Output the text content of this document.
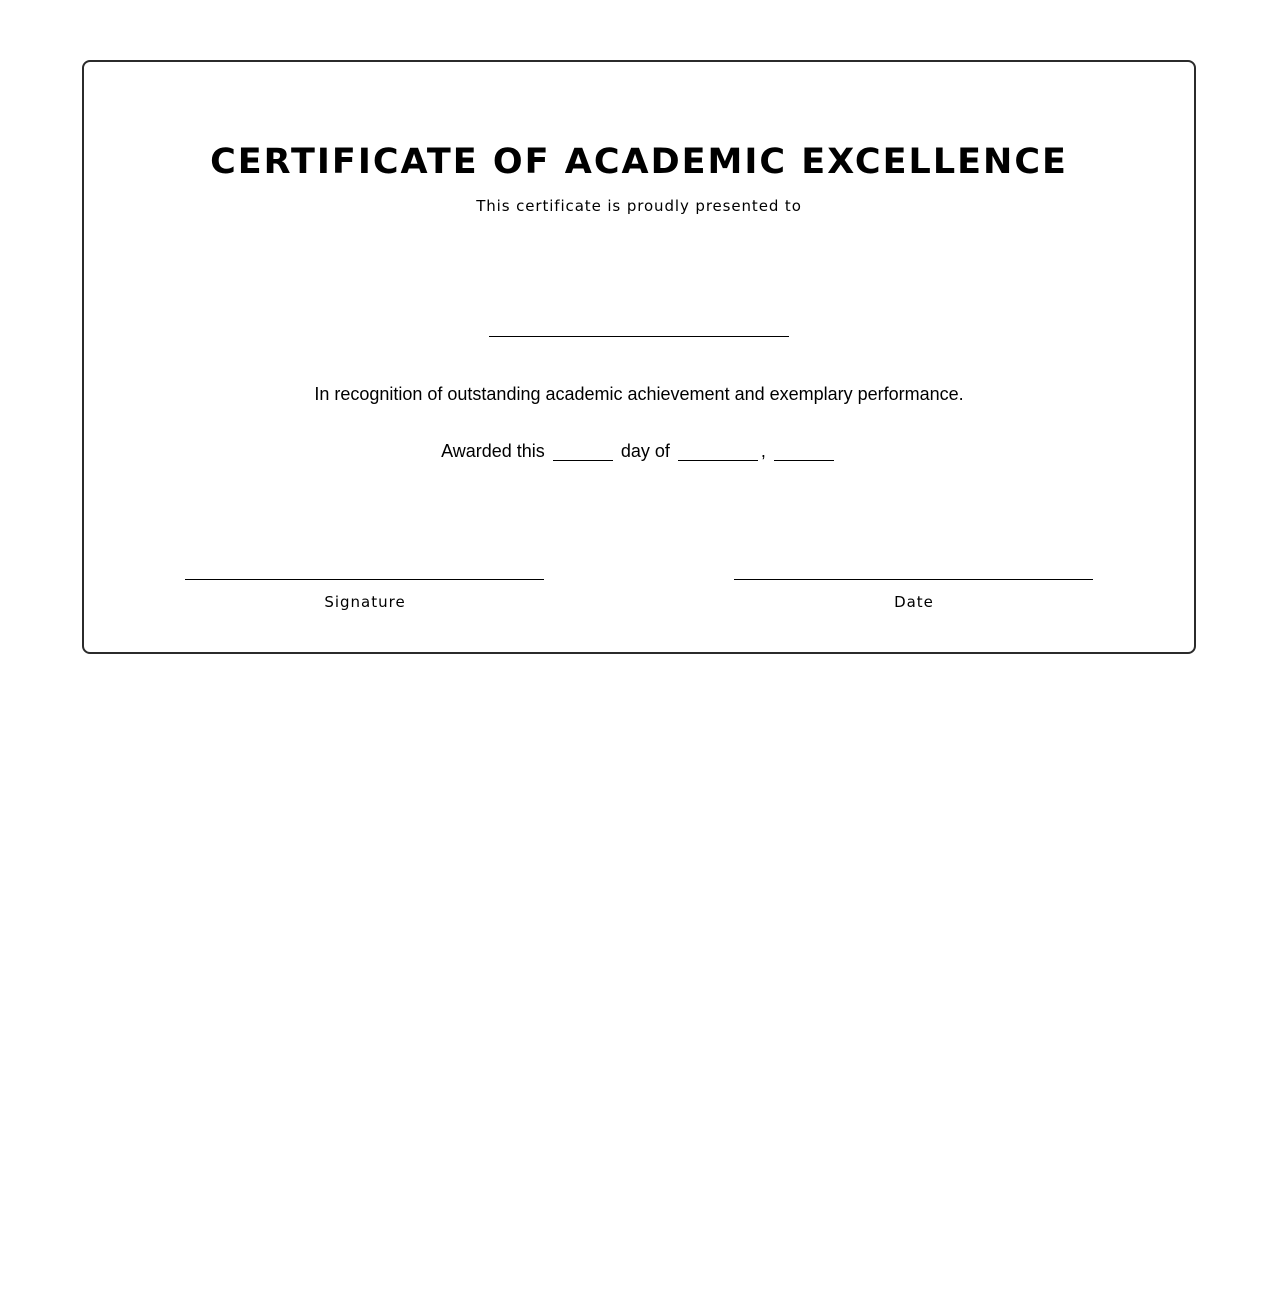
CERTIFICATE OF ACADEMIC EXCELLENCE
This certificate is proudly presented to
In recognition of outstanding academic achievement and exemplary performance.
Awarded this	day of	,
Signature	Date
